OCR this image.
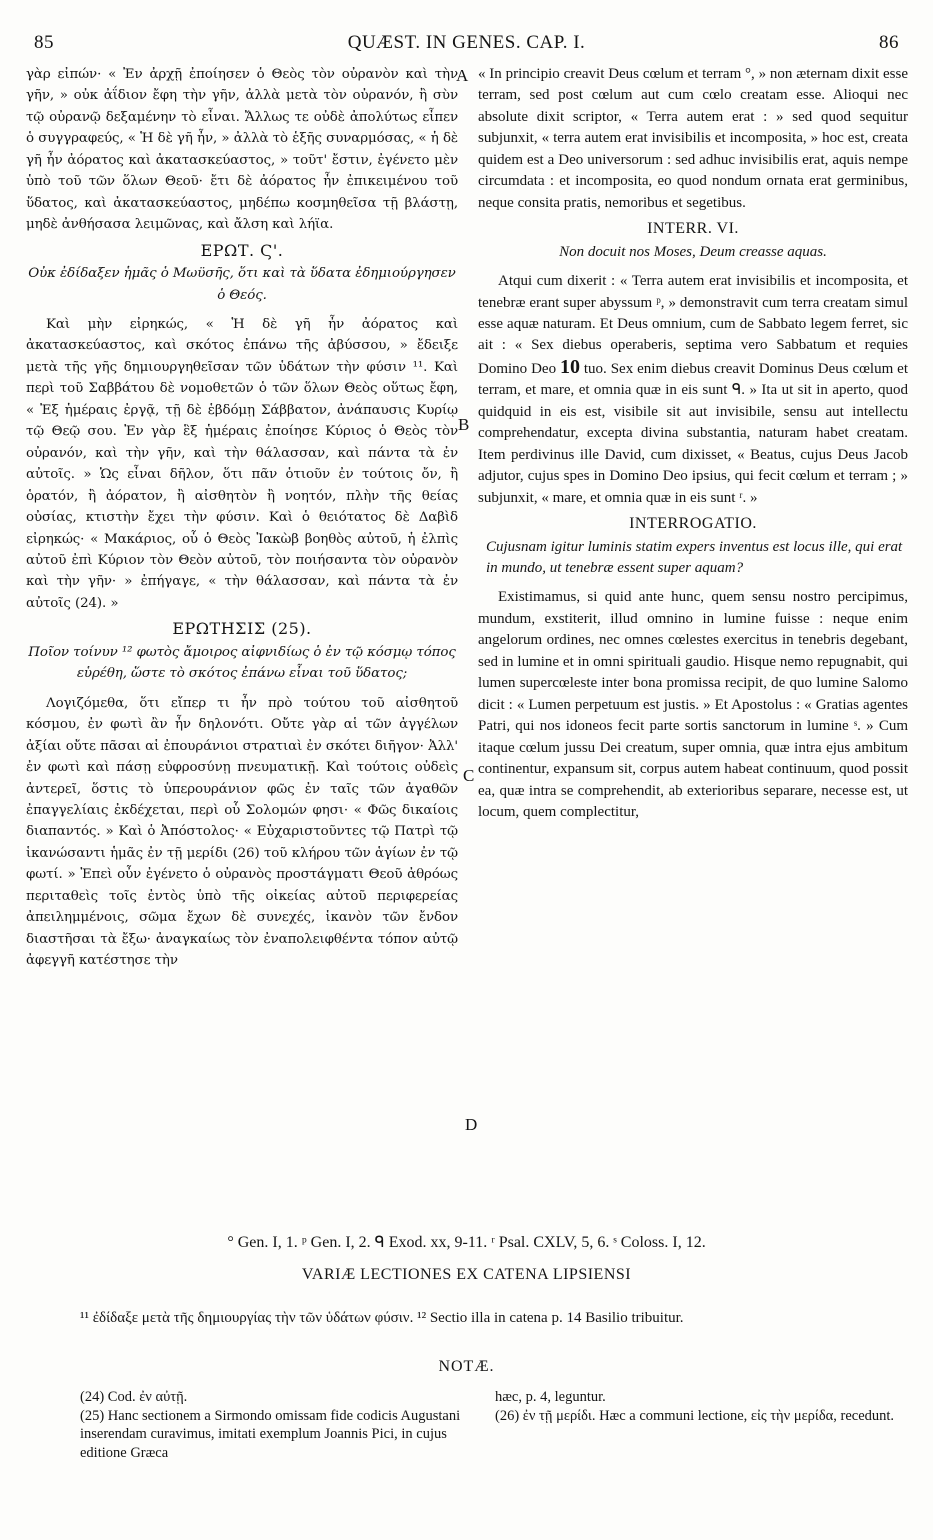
85	QUÆST. IN GENES. CAP. I.	86

γὰρ εἰπών· « Ἐν ἀρχῇ ἐποίησεν ὁ Θεὸς τὸν οὐρανὸν καὶ τὴν γῆν, » οὐκ ἀΐδιον ἔφη τὴν γῆν, ἀλλὰ μετὰ τὸν οὐρανόν, ἢ σὺν τῷ οὐρανῷ δεξαμένην τὸ εἶναι. Ἄλλως τε οὐδὲ ἀπολύτως εἶπεν ὁ συγγραφεύς, « Ἡ δὲ γῆ ἦν, » ἀλλὰ τὸ ἑξῆς συναρμόσας, « ἡ δὲ γῆ ἦν ἀόρατος καὶ ἀκατασκεύαστος, » τοῦτ' ἔστιν, ἐγένετο μὲν ὑπὸ τοῦ τῶν ὅλων Θεοῦ· ἔτι δὲ ἀόρατος ἦν ἐπικειμένου τοῦ ὕδατος, καὶ ἀκατασκεύαστος, μηδέπω κοσμηθεῖσα τῇ βλάστῃ, μηδὲ ἀνθήσασα λειμῶνας, καὶ ἄλση καὶ λήϊα.

ΕΡΩΤ. Ϛ'.

Οὐκ ἐδίδαξεν ἡμᾶς ὁ Μωϋσῆς, ὅτι καὶ τὰ ὕδατα ἐδημιούργησεν ὁ Θεός.

Καὶ μὴν εἰρηκώς, « Ἡ δὲ γῆ ἦν ἀόρατος καὶ ἀκατασκεύαστος, καὶ σκότος ἐπάνω τῆς ἀβύσσου, » ἔδειξε μετὰ τῆς γῆς δημιουργηθεῖσαν τῶν ὑδάτων τὴν φύσιν ¹¹. Καὶ περὶ τοῦ Σαββάτου δὲ νομοθετῶν ὁ τῶν ὅλων Θεὸς οὕτως ἔφη, « Ἐξ ἡμέραις ἐργᾷ, τῇ δὲ ἑβδόμῃ Σάββατον, ἀνάπαυσις Κυρίῳ τῷ Θεῷ σου. Ἐν γὰρ ἓξ ἡμέραις ἐποίησε Κύριος ὁ Θεὸς τὸν οὐρανόν, καὶ τὴν γῆν, καὶ τὴν θάλασσαν, καὶ πάντα τὰ ἐν αὐτοῖς. » Ὡς εἶναι δῆλον, ὅτι πᾶν ὁτιοῦν ἐν τούτοις ὄν, ἢ ὁρατόν, ἢ ἀόρατον, ἢ αἰσθητὸν ἢ νοητόν, πλὴν τῆς θείας οὐσίας, κτιστὴν ἔχει τὴν φύσιν. Καὶ ὁ θειότατος δὲ Δαβὶδ εἰρηκώς· « Μακάριος, οὗ ὁ Θεὸς Ἰακὼβ βοηθὸς αὐτοῦ, ἡ ἐλπὶς αὐτοῦ ἐπὶ Κύριον τὸν Θεὸν αὐτοῦ, τὸν ποιήσαντα τὸν οὐρανὸν καὶ τὴν γῆν· » ἐπήγαγε, « τὴν θάλασσαν, καὶ πάντα τὰ ἐν αὐτοῖς (24). »

ΕΡΩΤΗΣΙΣ (25).

Ποῖον τοίνυν ¹² φωτὸς ἄμοιρος αἰφνιδίως ὁ ἐν τῷ κόσμῳ τόπος εὑρέθη, ὥστε τὸ σκότος ἐπάνω εἶναι τοῦ ὕδατος;

Λογιζόμεθα, ὅτι εἴπερ τι ἦν πρὸ τούτου τοῦ αἰσθητοῦ κόσμου, ἐν φωτὶ ἂν ἦν δηλονότι. Οὔτε γὰρ αἱ τῶν ἀγγέλων ἀξίαι οὔτε πᾶσαι αἱ ἐπουράνιοι στρατιαὶ ἐν σκότει διῆγον· Ἀλλ' ἐν φωτὶ καὶ πάσῃ εὐφροσύνῃ πνευματικῇ. Καὶ τούτοις οὐδεὶς ἀντερεῖ, ὅστις τὸ ὑπερουράνιον φῶς ἐν ταῖς τῶν ἀγαθῶν ἐπαγγελίαις ἐκδέχεται, περὶ οὗ Σολομών φησι· « Φῶς δικαίοις διαπαντός. » Καὶ ὁ Ἀπόστολος· « Εὐχαριστοῦντες τῷ Πατρὶ τῷ ἱκανώσαντι ἡμᾶς ἐν τῇ μερίδι (26) τοῦ κλήρου τῶν ἁγίων ἐν τῷ φωτί. » Ἐπεὶ οὖν ἐγένετο ὁ οὐρανὸς προστάγματι Θεοῦ ἀθρόως περιταθεὶς τοῖς ἐντὸς ὑπὸ τῆς οἰκείας αὐτοῦ περιφερείας ἀπειλημμένοις, σῶμα ἔχων δὲ συνεχές, ἱκανὸν τῶν ἔνδον διαστῆσαι τὰ ἔξω· ἀναγκαίως τὸν ἐναπολειφθέντα τόπον αὐτῷ ἀφεγγῆ κατέστησε τὴν

A
B
C
D

« In principio creavit Deus cœlum et terram °, » non æternam dixit esse terram, sed post cœlum aut cum cœlo creatam esse. Alioqui nec absolute dixit scriptor, « Terra autem erat : » sed quod sequitur subjunxit, « terra autem erat invisibilis et incomposita, » hoc est, creata quidem est a Deo universorum : sed adhuc invisibilis erat, aquis nempe circumdata : et incomposita, eo quod nondum ornata erat germinibus, neque consita pratis, nemoribus et segetibus.

INTERR. VI.

Non docuit nos Moses, Deum creasse aquas.

Atqui cum dixerit : « Terra autem erat invisibilis et incomposita, et tenebræ erant super abyssum ᵖ, » demonstravit cum terra creatam simul esse aquæ naturam. Et Deus omnium, cum de Sabbato legem ferret, sic ait : « Sex diebus operaberis, septima vero Sabbatum et requies Domino Deo 10 tuo. Sex enim diebus creavit Dominus Deus cœlum et terram, et mare, et omnia quæ in eis sunt ᑫ. » Ita ut sit in aperto, quod quidquid in eis est, visibile sit aut invisibile, sensu aut intellectu comprehendatur, excepta divina substantia, naturam habet creatam. Item perdivinus ille David, cum dixisset, « Beatus, cujus Deus Jacob adjutor, cujus spes in Domino Deo ipsius, qui fecit cœlum et terram ; » subjunxit, « mare, et omnia quæ in eis sunt ʳ. »

INTERROGATIO.

Cujusnam igitur luminis statim expers inventus est locus ille, qui erat in mundo, ut tenebræ essent super aquam?

Existimamus, si quid ante hunc, quem sensu nostro percipimus, mundum, exstiterit, illud omnino in lumine fuisse : neque enim angelorum ordines, nec omnes cœlestes exercitus in tenebris degebant, sed in lumine et in omni spirituali gaudio. Hisque nemo repugnabit, qui lumen supercœleste inter bona promissa recipit, de quo lumine Salomo dicit : « Lumen perpetuum est justis. » Et Apostolus : « Gratias agentes Patri, qui nos idoneos fecit parte sortis sanctorum in lumine ˢ. » Cum itaque cœlum jussu Dei creatum, super omnia, quæ intra ejus ambitum continentur, expansum sit, corpus autem habeat continuum, quod possit ea, quæ intra se comprehendit, ab exterioribus separare, necesse est, ut locum, quem complectitur,

° Gen. I, 1. ᵖ Gen. I, 2. ᑫ Exod. xx, 9-11. ʳ Psal. CXLV, 5, 6. ˢ Coloss. I, 12.
VARIÆ LECTIONES EX CATENA LIPSIENSI
¹¹ ἐδίδαξε μετὰ τῆς δημιουργίας τὴν τῶν ὑδάτων φύσιν. ¹² Sectio illa in catena p. 14 Basilio tribuitur.
NOTÆ.

(24) Cod. ἐν αὐτῇ.

(25) Hanc sectionem a Sirmondo omissam fide codicis Augustani inserendam curavimus, imitati exemplum Joannis Pici, in cujus editione Græca

hæc, p. 4, leguntur.

(26) ἐν τῇ μερίδι. Hæc a communi lectione, εἰς τὴν μερίδα, recedunt.
